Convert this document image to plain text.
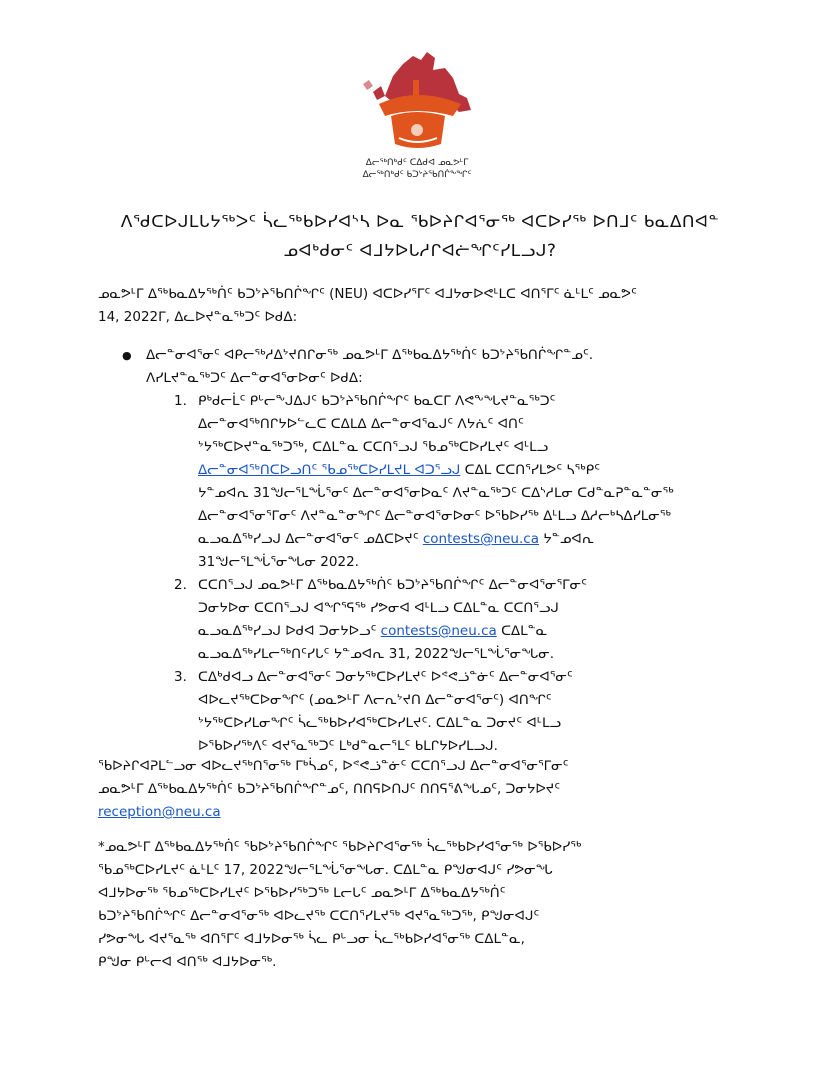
ᐃᓕᖅᑎᒃᑯᑦ ᑕᐃᑯᐊ ᓄᓇᕗᒻᒥ
ᐃᓕᖅᑎᒃᑯᑦ ᑲᑐᔾᔨᖃᑎᒌᖕᖏᑦ
ᐱᖁᑕᐅᒍᒪᒐᔭᖅᐳᑦ ᓵᓚᖅᑲᐅᓯᐊᔅᓴ ᐅᓇ ᖃᐅᔨᒋᐊᕐᓂᖅ ᐊᑕᐅᓯᖅ ᐅᑎᒧᑦ ᑲᓇᐃᑎᐊᓐ
ᓄᐊᒃᑯᓂᑦ ᐊᒧᔭᐅᒐᓱᒋᐊᓖᖏᑦᓯᒪᓗᒍ?
ᓄᓇᕗᒻᒥ ᐃᖅᑲᓇᐃᔭᖅᑏᑦ ᑲᑐᔾᔨᖃᑎᒌᖏᑦ (NEU) ᐊᑕᐅᓯᕐᒥᑦ ᐊᒧᔭᓂᐅᕙᒻᒪᑕ ᐊᑎᕐᒥᑦ ᓈᒻᒪᑦ ᓄᓇᕗᑦ
14, 2022ᒥ, ᐃᓚᐅᔪᓐᓇᖅᑐᑦ ᐅᑯᐃ:
● ᐃᓕᓐᓂᐊᕐᓂᑦ ᐊᑭᓕᖅᓱᐃᔾᔪᑎᒋᓂᖅ ᓄᓇᕗᒻᒥ ᐃᖅᑲᓇᐃᔭᖅᑏᑦ ᑲᑐᔾᔨᖃᑎᒌᖏᓐᓄᑦ.
ᐱᓯᒪᔪᓐᓇᖅᑐᑦ ᐃᓕᓐᓂᐊᕐᓂᐅᓂᑦ ᐅᑯᐃ:
1. ᑭᒃᑯᓕᒫᑦ ᑭᒡᓕᖕᒍᐃᒍᑦ ᑲᑐᔾᔨᖃᑎᒌᖏᑦ ᑲᓇᑕᒥ ᐱᕙᖕᖓᔪᓐᓇᖅᑐᑦ
ᐃᓕᓐᓂᐊᖅᑎᒋᔭᐅᓪᓚᑕ ᑕᐃᒪᐃ ᐃᓕᓐᓂᐊᕐᓇᒍᑦ ᐱᔭᕇᑦ ᐊᑎᑦ
ᔾᔭᖅᑕᐅᔪᓐᓇᖅᑐᖅ, ᑕᐃᒪᓐᓇ ᑕᑕᑎᕐᓗᒍ ᖃᓄᖅᑕᐅᓯᒪᔪᑦ ᐊᒻᒪᓗ
ᐃᓕᓐᓂᐊᖅᑎᑕᐅᓗᑎᑦ ᖃᓄᖅᑕᐅᓯᒪᔪᒪ ᐊᑐᕐᓗᒍ ᑕᐃᒪ ᑕᑕᑎᕐᓯᒪᕗᑦ ᓴᖅᑭᑦ
ᔭᓐᓄᐊᕆ 31ᖑᓕᕐᒪᖔᕐᓂᑦ ᐃᓕᓐᓂᐊᕐᓂᐅᓇᑦ ᐱᔪᓐᓇᖅᑐᑦ ᑕᐃᔅᓱᒪᓂ ᑕᑯᓐᓇᕈᓐᓇᓐᓂᖅ
ᐃᓕᓐᓂᐊᕐᓂᕐᒥᓂᑦ ᐱᔪᓐᓇᓐᓂᖏᑦ ᐃᓕᓐᓂᐊᕐᓂᐅᓂᑦ ᐅᖃᐅᓯᖅ ᐃᒻᒪᓗ ᐃᓱᓕᒃᓴᐃᓯᒪᓂᖅ
ᓇᓗᓇᐃᖅᓯᓗᒍ ᐃᓕᓐᓂᐊᕐᓂᑦ ᓄᐃᑕᐅᔪᑦ contests@neu.ca ᔭᓐᓄᐊᕆ
31ᖑᓕᕐᒪᖔᕐᓂᖓᓂ 2022.
2. ᑕᑕᑎᕐᓗᒍ ᓄᓇᕗᒻᒥ ᐃᖅᑲᓇᐃᔭᖅᑏᑦ ᑲᑐᔾᔨᖃᑎᒌᖏᑦ ᐃᓕᓐᓂᐊᕐᓂᕐᒥᓂᑦ
ᑐᓂᔭᐅᓂ ᑕᑕᑎᕐᓗᒍ ᐊᖏᕐᕋᖅ ᓯᕗᓂᐊ ᐊᒻᒪᓗ ᑕᐃᒪᓐᓇ ᑕᑕᑎᕐᓗᒍ
ᓇᓗᓇᐃᖅᓯᓗᒍ ᐅᑯᐊ ᑐᓂᔭᐅᓗᑦ contests@neu.ca ᑕᐃᒪᓐᓇ
ᓇᓗᓇᐃᖅᓯᒪᓕᖅᑎᑦᓯᒐᑦ ᔭᓐᓄᐊᕆ 31, 2022ᖑᓕᕐᒪᖔᕐᓂᖓᓂ.
3. ᑕᐃᒃᑯᐊᓗ ᐃᓕᓐᓂᐊᕐᓂᑦ ᑐᓂᔭᖅᑕᐅᓯᒪᔪᑦ ᐅᕝᕙᓘᓐᓃᑦ ᐃᓕᓐᓂᐊᕐᓂᑦ
ᐊᐅᓚᔪᖅᑕᐅᓂᖏᑦ (ᓄᓇᕗᒻᒥ ᐱᓕᕆᔾᔪᑎ ᐃᓕᓐᓂᐊᕐᓂᑦ) ᐊᑎᖏᑦ
ᔾᔭᖅᑕᐅᓯᒪᓂᖏᑦ ᓵᓚᖅᑲᐅᓯᐊᖅᑕᐅᓯᒪᔪᑦ. ᑕᐃᒪᓐᓇ ᑐᓂᔪᑦ ᐊᒻᒪᓗ
ᐅᖃᐅᓯᖅᐱᑦ ᐊᔪᕐᓇᖅᑐᑦ ᒪᒃᑯᓐᓇᓕᕐᒪᑦ ᑲᒪᒋᔭᐅᓯᒪᓗᒍ.
ᖃᐅᔨᒋᐊᕈᒪᓪᓗᓂ ᐊᐅᓚᔪᖅᑎᕐᓂᖅ ᒥᒃᓵᓄᑦ, ᐅᕝᕙᓘᓐᓃᑦ ᑕᑕᑎᕐᓗᒍ ᐃᓕᓐᓂᐊᕐᓂᕐᒥᓂᑦ
ᓄᓇᕗᒻᒥ ᐃᖅᑲᓇᐃᔭᖅᑏᑦ ᑲᑐᔾᔨᖃᑎᒌᖏᓐᓄᑦ, ᑎᑎᕋᐅᑎᒍᑦ ᑎᑎᕋᕐᕕᖓᓄᑦ, ᑐᓂᔭᐅᔪᑦ
reception@neu.ca
*ᓄᓇᕗᒻᒥ ᐃᖅᑲᓇᐃᔭᖅᑏᑦ ᖃᐅᔾᔨᖃᑎᒌᖏᑦ ᖃᐅᔨᒋᐊᕐᓂᖅ ᓵᓚᖅᑲᐅᓯᐊᕐᓂᖅ ᐅᖃᐅᓯᖅ
ᖃᓄᖅᑕᐅᓯᒪᔪᑦ ᓈᒻᒪᑦ 17, 2022ᖑᓕᕐᒪᖔᕐᓂᖓᓂ. ᑕᐃᒪᓐᓇ ᑭᖑᓂᐊᒍᑦ ᓯᕗᓂᖓ
ᐊᒧᔭᐅᓂᖅ ᖃᓄᖅᑕᐅᓯᒪᔪᑦ ᐅᖃᐅᓯᖅᑐᖅ ᒪᓕᒐᑦ ᓄᓇᕗᒻᒥ ᐃᖅᑲᓇᐃᔭᖅᑏᑦ
ᑲᑐᔾᔨᖃᑎᒌᖏᑦ ᐃᓕᓐᓂᐊᕐᓂᖅ ᐊᐅᓚᔪᖅ ᑕᑕᑎᕐᓯᒪᔪᖅ ᐊᔪᕐᓇᖅᑐᖅ, ᑭᖑᓂᐊᒍᑦ
ᓯᕗᓂᖓ ᐊᔪᕐᓇᖅ ᐊᑎᕐᒥᑦ ᐊᒧᔭᐅᓂᖅ ᓵᓚ ᑭᒡᓗᓂ ᓵᓚᖅᑲᐅᓯᐊᕐᓂᖅ ᑕᐃᒪᓐᓇ,
ᑭᖑᓂ ᑭᒡᓕᐊ ᐊᑎᖅ ᐊᒧᔭᐅᓂᖅ.
